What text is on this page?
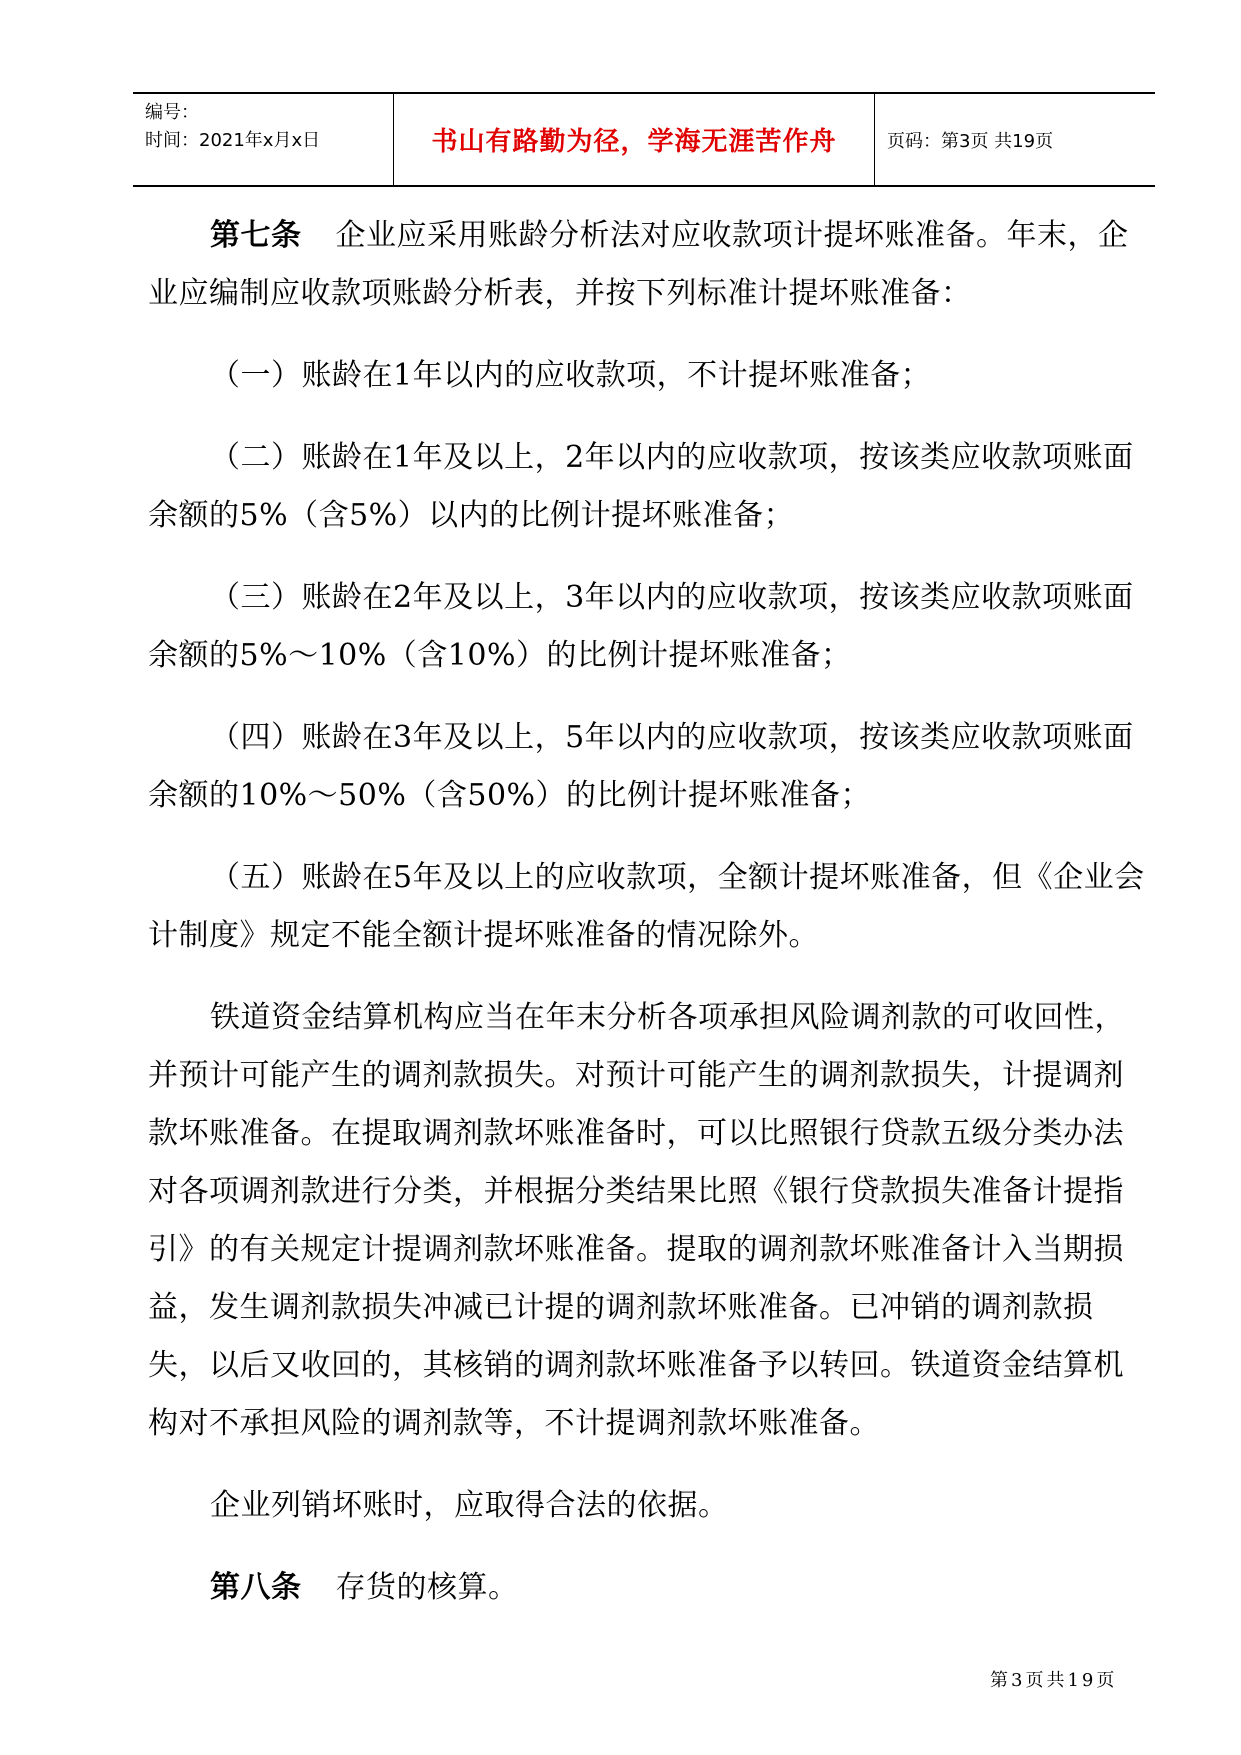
编号：
时间：2021年x月x日	书山有路勤为径，学海无涯苦作舟	页码：第3页 共19页

第七条 企业应采用账龄分析法对应收款项计提坏账准备。年末，企业应编制应收款项账龄分析表，并按下列标准计提坏账准备：

（一）账龄在1年以内的应收款项，不计提坏账准备；

（二）账龄在1年及以上，2年以内的应收款项，按该类应收款项账面余额的5%（含5%）以内的比例计提坏账准备；

（三）账龄在2年及以上，3年以内的应收款项，按该类应收款项账面余额的5%～10%（含10%）的比例计提坏账准备；

（四）账龄在3年及以上，5年以内的应收款项，按该类应收款项账面余额的10%～50%（含50%）的比例计提坏账准备；

（五）账龄在5年及以上的应收款项，全额计提坏账准备，但《企业会计制度》规定不能全额计提坏账准备的情况除外。

铁道资金结算机构应当在年末分析各项承担风险调剂款的可收回性，并预计可能产生的调剂款损失。对预计可能产生的调剂款损失，计提调剂款坏账准备。在提取调剂款坏账准备时，可以比照银行贷款五级分类办法对各项调剂款进行分类，并根据分类结果比照《银行贷款损失准备计提指引》的有关规定计提调剂款坏账准备。提取的调剂款坏账准备计入当期损益，发生调剂款损失冲减已计提的调剂款坏账准备。已冲销的调剂款损失，以后又收回的，其核销的调剂款坏账准备予以转回。铁道资金结算机构对不承担风险的调剂款等，不计提调剂款坏账准备。

企业列销坏账时，应取得合法的依据。

第八条 存货的核算。

第3页共19页
